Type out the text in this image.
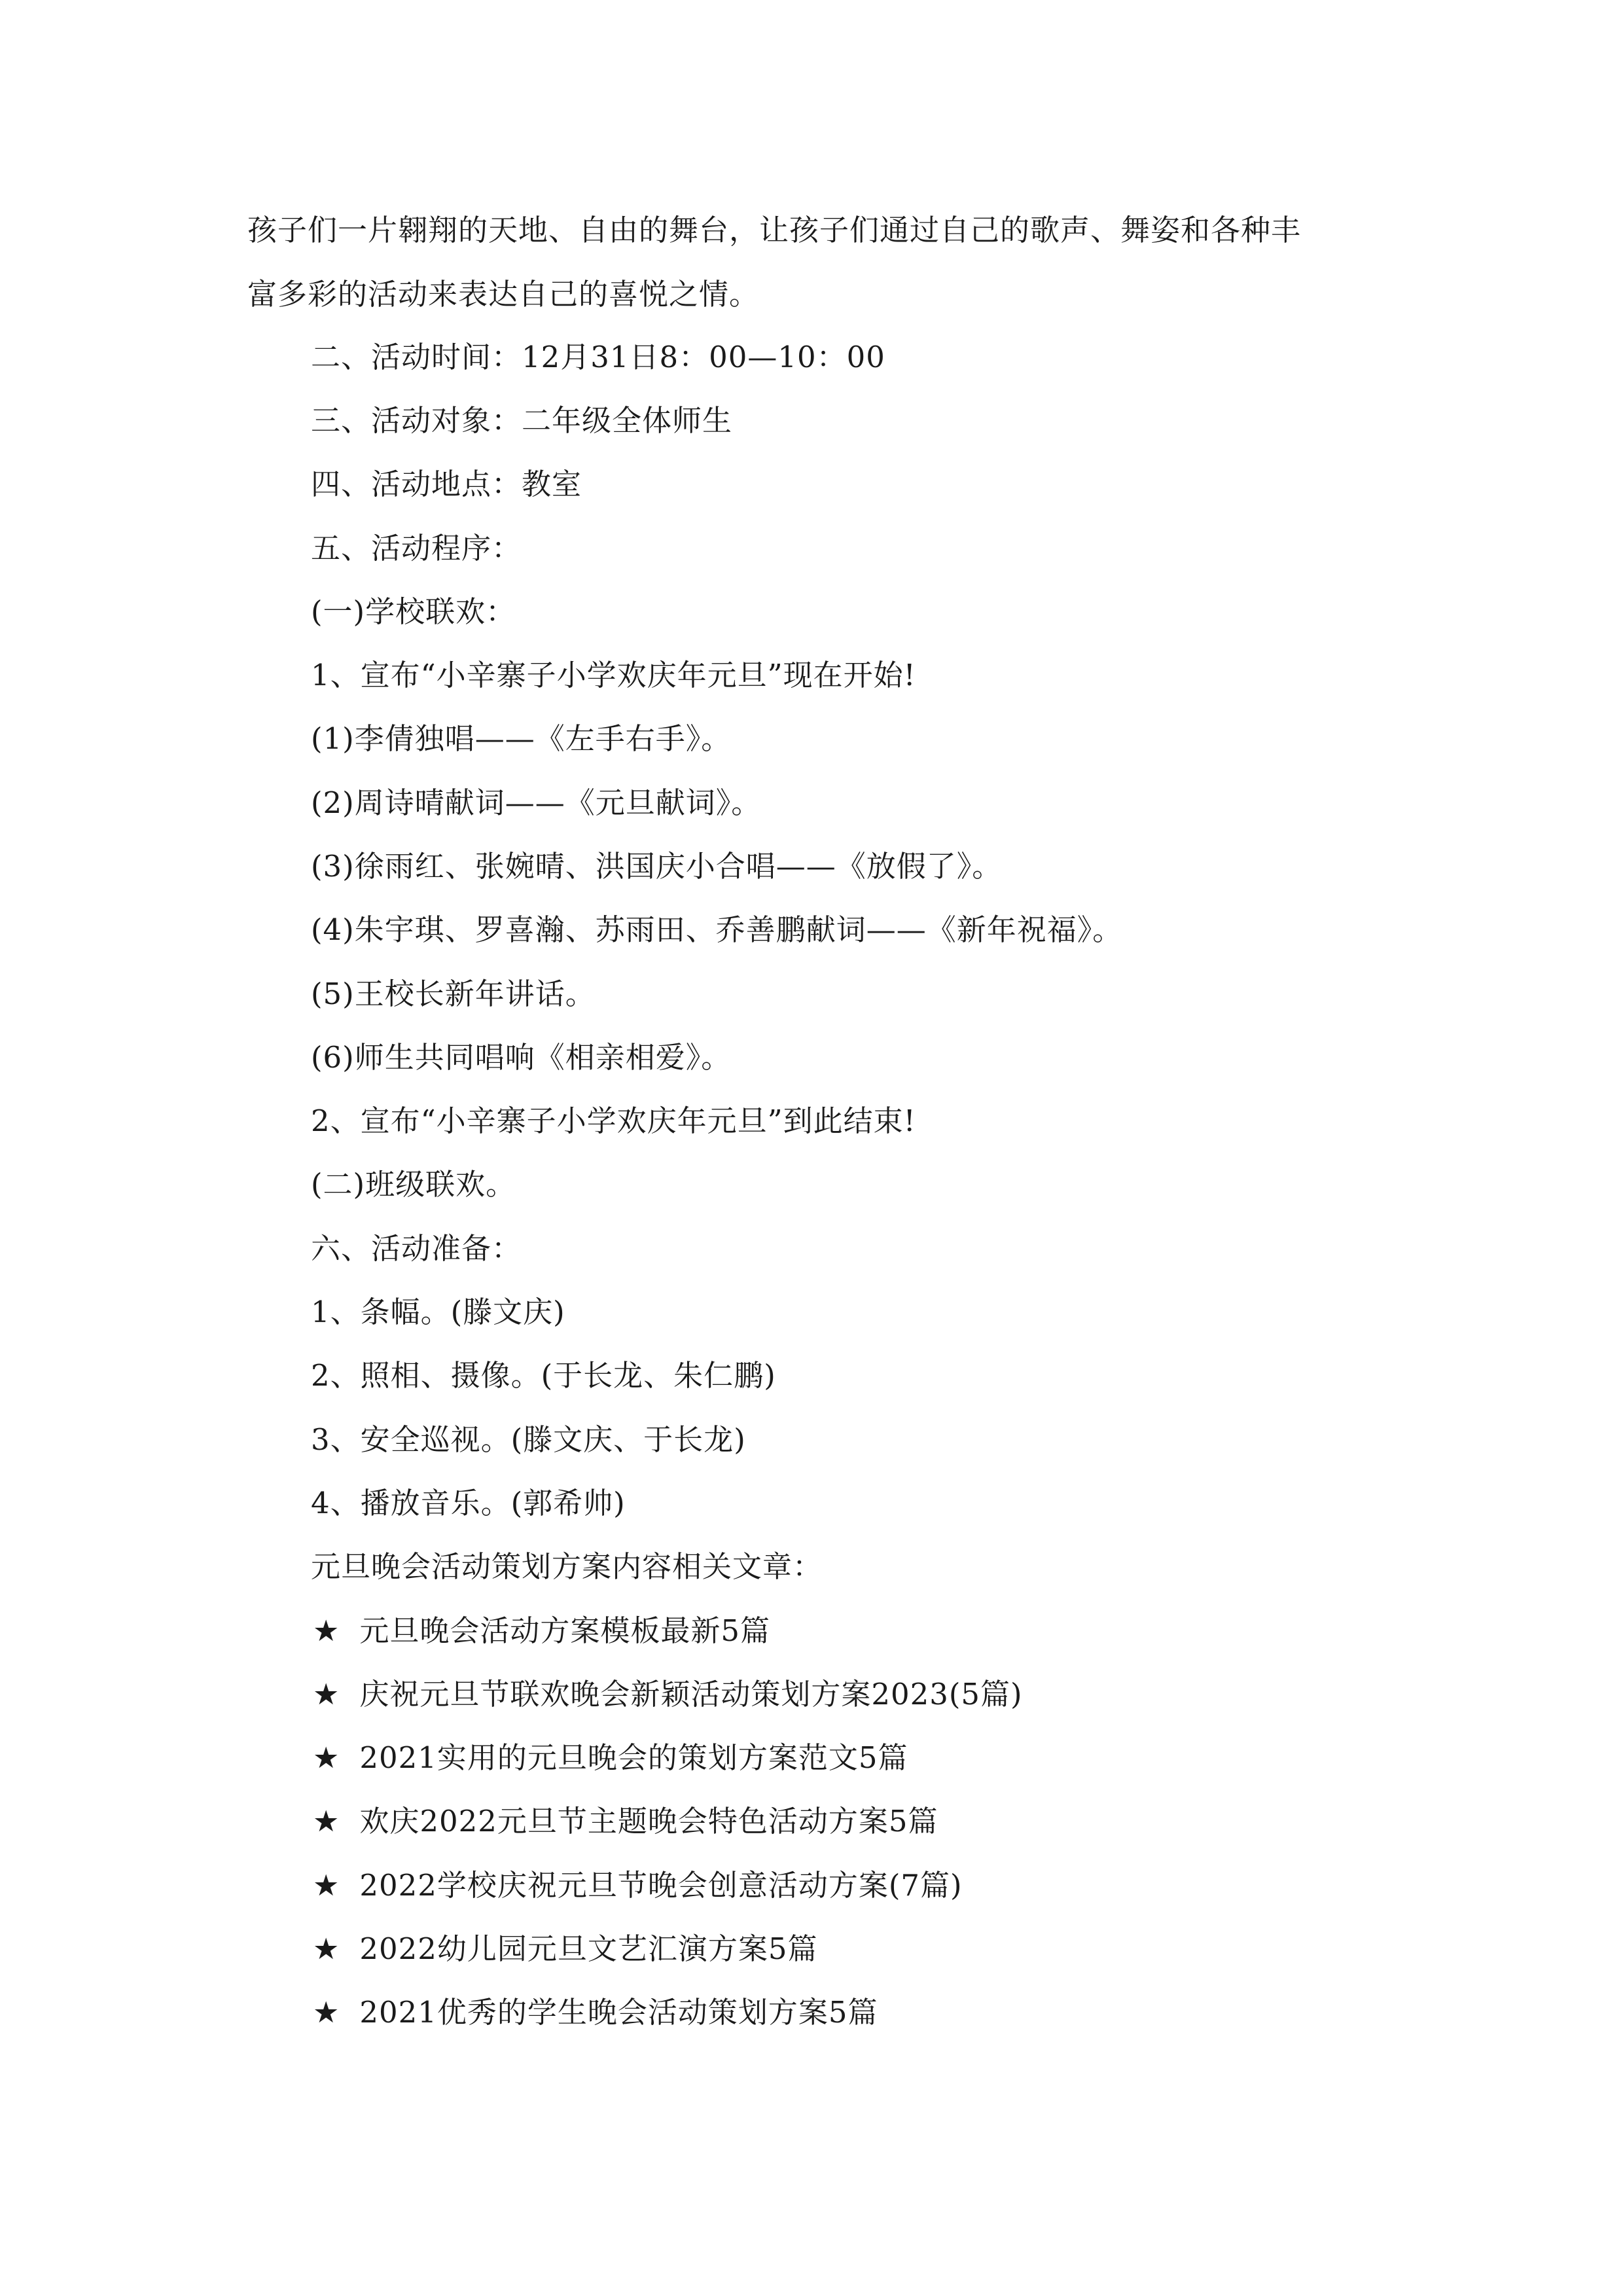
孩子们一片翱翔的天地、自由的舞台，让孩子们通过自己的歌声、舞姿和各种丰
富多彩的活动来表达自己的喜悦之情。
二、活动时间：12月31日8：00—10：00
三、活动对象：二年级全体师生
四、活动地点：教室
五、活动程序：
(一)学校联欢：
1、宣布“小辛寨子小学欢庆年元旦”现在开始!
(1)李倩独唱——《左手右手》。
(2)周诗晴献词——《元旦献词》。
(3)徐雨红、张婉晴、洪国庆小合唱——《放假了》。
(4)朱宇琪、罗喜瀚、苏雨田、乔善鹏献词——《新年祝福》。
(5)王校长新年讲话。
(6)师生共同唱响《相亲相爱》。
2、宣布“小辛寨子小学欢庆年元旦”到此结束!
(二)班级联欢。
六、活动准备：
1、条幅。(滕文庆)
2、照相、摄像。(于长龙、朱仁鹏)
3、安全巡视。(滕文庆、于长龙)
4、播放音乐。(郭希帅)
元旦晚会活动策划方案内容相关文章：
★ 元旦晚会活动方案模板最新5篇
★ 庆祝元旦节联欢晚会新颖活动策划方案2023(5篇)
★ 2021实用的元旦晚会的策划方案范文5篇
★ 欢庆2022元旦节主题晚会特色活动方案5篇
★ 2022学校庆祝元旦节晚会创意活动方案(7篇)
★ 2022幼儿园元旦文艺汇演方案5篇
★ 2021优秀的学生晚会活动策划方案5篇
